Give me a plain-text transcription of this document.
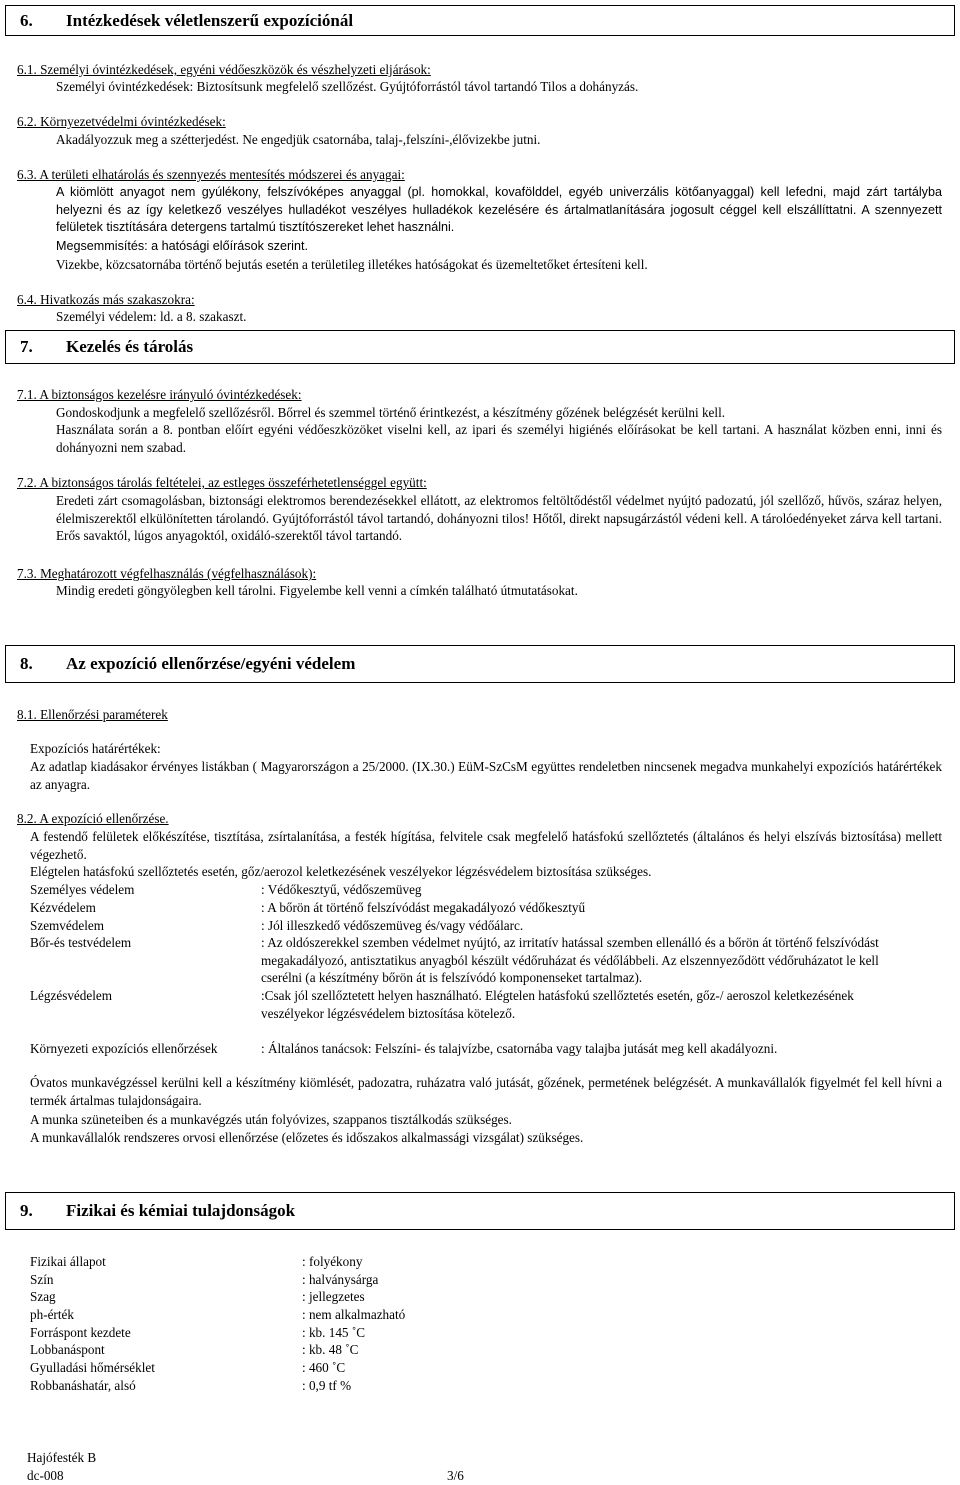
6. Intézkedések véletlenszerű expozíciónál
6.1. Személyi óvintézkedések, egyéni védőeszközök és vészhelyzeti eljárások:
Személyi óvintézkedések: Biztosítsunk megfelelő szellőzést. Gyújtóforrástól távol tartandó Tilos a dohányzás.
6.2. Környezetvédelmi óvintézkedések:
Akadályozzuk meg a szétterjedést. Ne engedjük csatornába, talaj-,felszíni-,élővizekbe jutni.
6.3. A területi elhatárolás és szennyezés mentesítés módszerei és anyagai:
A kiömlött anyagot nem gyúlékony, felszívóképes anyaggal (pl. homokkal, kovafölddel, egyéb univerzális kötőanyaggal) kell lefedni, majd zárt tartályba helyezni és az így keletkező veszélyes hulladékot veszélyes hulladékok kezelésére és ártalmatlanítására jogosult céggel kell elszállíttatni. A szennyezett felületek tisztítására detergens tartalmú tisztítószereket lehet használni.
Megsemmisítés: a hatósági előírások szerint.
Vizekbe, közcsatornába történő bejutás esetén a területileg illetékes hatóságokat és üzemeltetőket értesíteni kell.
6.4. Hivatkozás más szakaszokra:
Személyi védelem: ld. a 8. szakaszt.
7. Kezelés és tárolás
7.1. A biztonságos kezelésre irányuló óvintézkedések:
Gondoskodjunk a megfelelő szellőzésről. Bőrrel és szemmel történő érintkezést, a készítmény gőzének belégzését kerülni kell.
Használata során a 8. pontban előírt egyéni védőeszközöket viselni kell, az ipari és személyi higiénés előírásokat be kell tartani. A használat közben enni, inni és dohányozni nem szabad.
7.2. A biztonságos tárolás feltételei, az estleges összeférhetetlenséggel együtt:
Eredeti zárt csomagolásban, biztonsági elektromos berendezésekkel ellátott, az elektromos feltöltődéstől védelmet nyújtó padozatú, jól szellőző, hűvös, száraz helyen, élelmiszerektől elkülönítetten tárolandó. Gyújtóforrástól távol tartandó, dohányozni tilos! Hőtől, direkt napsugárzástól védeni kell. A tárolóedényeket zárva kell tartani. Erős savaktól, lúgos anyagoktól, oxidáló-szerektől távol tartandó.
7.3. Meghatározott végfelhasználás (végfelhasználások):
Mindig eredeti göngyölegben kell tárolni. Figyelembe kell venni a címkén található útmutatásokat.
8. Az expozíció ellenőrzése/egyéni védelem
8.1. Ellenőrzési paraméterek
Expozíciós határértékek:
Az adatlap kiadásakor érvényes listákban ( Magyarországon a 25/2000. (IX.30.) EüM-SzCsM együttes rendeletben nincsenek megadva munkahelyi expozíciós határértékek az anyagra.
8.2. A expozíció ellenőrzése.
A festendő felületek előkészítése, tisztítása, zsírtalanítása, a festék hígítása, felvitele csak megfelelő hatásfokú szellőztetés (általános és helyi elszívás biztosítása) mellett végezhető.
Elégtelen hatásfokú szellőztetés esetén, gőz/aerozol keletkezésének veszélyekor légzésvédelem biztosítása szükséges.
Személyes védelem	: Védőkesztyű, védőszemüveg
Kézvédelem	: A bőrön át történő felszívódást megakadályozó védőkesztyű
Szemvédelem	: Jól illeszkedő védőszemüveg és/vagy védőálarc.
Bőr-és testvédelem	: Az oldószerekkel szemben védelmet nyújtó, az irritatív hatással szemben ellenálló és a bőrön át történő felszívódást megakadályozó, antisztatikus anyagból készült védőruházat és védőlábbeli. Az elszennyeződött védőruházatot le kell cserélni (a készítmény bőrön át is felszívódó komponenseket tartalmaz).
Légzésvédelem	:Csak jól szellőztetett helyen használható. Elégtelen hatásfokú szellőztetés esetén, gőz-/ aeroszol keletkezésének veszélyekor légzésvédelem biztosítása kötelező.
Környezeti expozíciós ellenőrzések	: Általános tanácsok: Felszíni- és talajvízbe, csatornába vagy talajba jutását meg kell akadályozni.
Óvatos munkavégzéssel kerülni kell a készítmény kiömlését, padozatra, ruházatra való jutását, gőzének, permetének belégzését. A munkavállalók figyelmét fel kell hívni a termék ártalmas tulajdonságaira.
A munka szüneteiben és a munkavégzés után folyóvizes, szappanos tisztálkodás szükséges.
A munkavállalók rendszeres orvosi ellenőrzése (előzetes és időszakos alkalmassági vizsgálat) szükséges.
9. Fizikai és kémiai tulajdonságok
Fizikai állapot	: folyékony
Szín	: halványsárga
Szag	: jellegzetes
ph-érték	: nem alkalmazható
Forráspont kezdete	: kb. 145 ˚C
Lobbanáspont	: kb. 48 ˚C
Gyulladási hőmérséklet	: 460 ˚C
Robbanáshatár, alsó	: 0,9 tf %
Hajófesték B
dc-008	3/6
